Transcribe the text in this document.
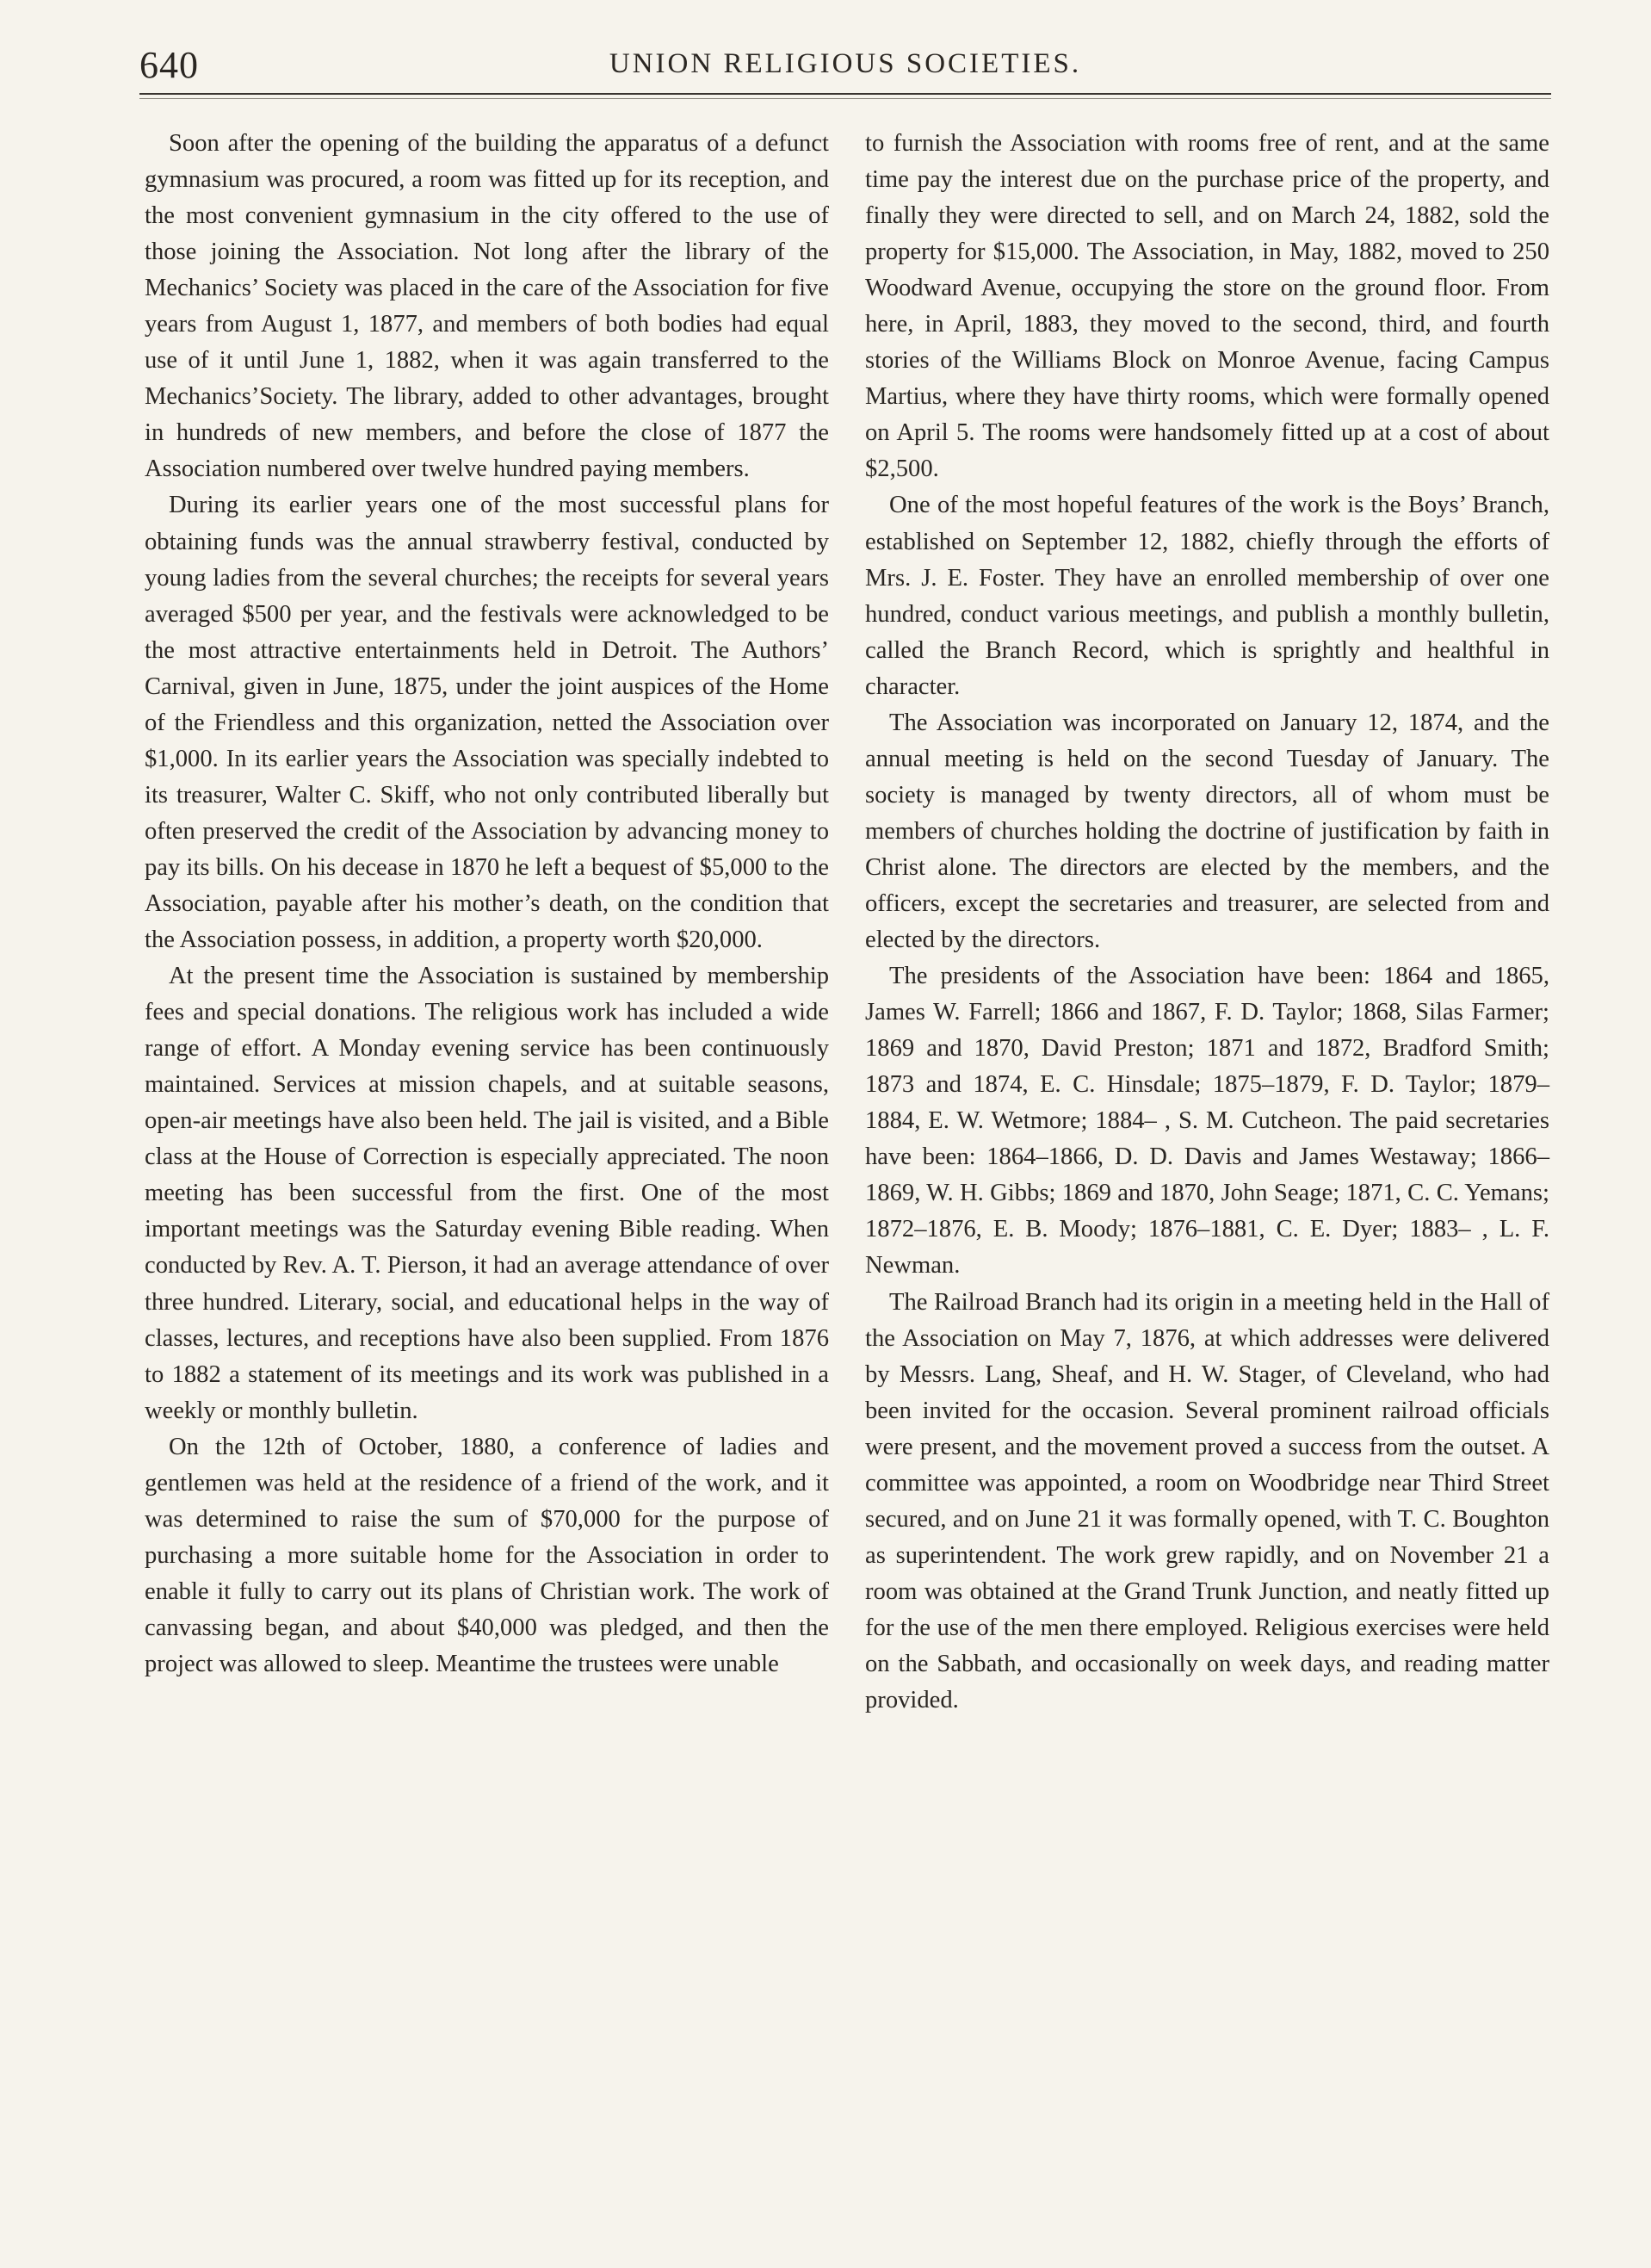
640	UNION RELIGIOUS SOCIETIES.

Soon after the opening of the building the apparatus of a defunct gymnasium was procured, a room was fitted up for its reception, and the most convenient gymnasium in the city offered to the use of those joining the Association. Not long after the library of the Mechanics’ Society was placed in the care of the Association for five years from August 1, 1877, and members of both bodies had equal use of it until June 1, 1882, when it was again transferred to the Mechanics’Society. The library, added to other advantages, brought in hundreds of new members, and before the close of 1877 the Association numbered over twelve hundred paying members.

During its earlier years one of the most successful plans for obtaining funds was the annual strawberry festival, conducted by young ladies from the several churches; the receipts for several years averaged $500 per year, and the festivals were acknowledged to be the most attractive entertainments held in Detroit. The Authors’ Carnival, given in June, 1875, under the joint auspices of the Home of the Friendless and this organization, netted the Association over $1,000. In its earlier years the Association was specially indebted to its treasurer, Walter C. Skiff, who not only contributed liberally but often preserved the credit of the Association by advancing money to pay its bills. On his decease in 1870 he left a bequest of $5,000 to the Association, payable after his mother’s death, on the condition that the Association possess, in addition, a property worth $20,000.

At the present time the Association is sustained by membership fees and special donations. The religious work has included a wide range of effort. A Monday evening service has been continuously maintained. Services at mission chapels, and at suitable seasons, open-air meetings have also been held. The jail is visited, and a Bible class at the House of Correction is especially appreciated. The noon meeting has been successful from the first. One of the most important meetings was the Saturday evening Bible reading. When conducted by Rev. A. T. Pierson, it had an average attendance of over three hundred. Literary, social, and educational helps in the way of classes, lectures, and receptions have also been supplied. From 1876 to 1882 a statement of its meetings and its work was published in a weekly or monthly bulletin.

On the 12th of October, 1880, a conference of ladies and gentlemen was held at the residence of a friend of the work, and it was determined to raise the sum of $70,000 for the purpose of purchasing a more suitable home for the Association in order to enable it fully to carry out its plans of Christian work. The work of canvassing began, and about $40,000 was pledged, and then the project was allowed to sleep. Meantime the trustees were unable

to furnish the Association with rooms free of rent, and at the same time pay the interest due on the purchase price of the property, and finally they were directed to sell, and on March 24, 1882, sold the property for $15,000. The Association, in May, 1882, moved to 250 Woodward Avenue, occupying the store on the ground floor. From here, in April, 1883, they moved to the second, third, and fourth stories of the Williams Block on Monroe Avenue, facing Campus Martius, where they have thirty rooms, which were formally opened on April 5. The rooms were handsomely fitted up at a cost of about $2,500.

One of the most hopeful features of the work is the Boys’ Branch, established on September 12, 1882, chiefly through the efforts of Mrs. J. E. Foster. They have an enrolled membership of over one hundred, conduct various meetings, and publish a monthly bulletin, called the Branch Record, which is sprightly and healthful in character.

The Association was incorporated on January 12, 1874, and the annual meeting is held on the second Tuesday of January. The society is managed by twenty directors, all of whom must be members of churches holding the doctrine of justification by faith in Christ alone. The directors are elected by the members, and the officers, except the secretaries and treasurer, are selected from and elected by the directors.

The presidents of the Association have been: 1864 and 1865, James W. Farrell; 1866 and 1867, F. D. Taylor; 1868, Silas Farmer; 1869 and 1870, David Preston; 1871 and 1872, Bradford Smith; 1873 and 1874, E. C. Hinsdale; 1875–1879, F. D. Taylor; 1879–1884, E. W. Wetmore; 1884– , S. M. Cutcheon. The paid secretaries have been: 1864–1866, D. D. Davis and James Westaway; 1866–1869, W. H. Gibbs; 1869 and 1870, John Seage; 1871, C. C. Yemans; 1872–1876, E. B. Moody; 1876–1881, C. E. Dyer; 1883– , L. F. Newman.

The Railroad Branch had its origin in a meeting held in the Hall of the Association on May 7, 1876, at which addresses were delivered by Messrs. Lang, Sheaf, and H. W. Stager, of Cleveland, who had been invited for the occasion. Several prominent railroad officials were present, and the movement proved a success from the outset. A committee was appointed, a room on Woodbridge near Third Street secured, and on June 21 it was formally opened, with T. C. Boughton as superintendent. The work grew rapidly, and on November 21 a room was obtained at the Grand Trunk Junction, and neatly fitted up for the use of the men there employed. Religious exercises were held on the Sabbath, and occasionally on week days, and reading matter provided.
